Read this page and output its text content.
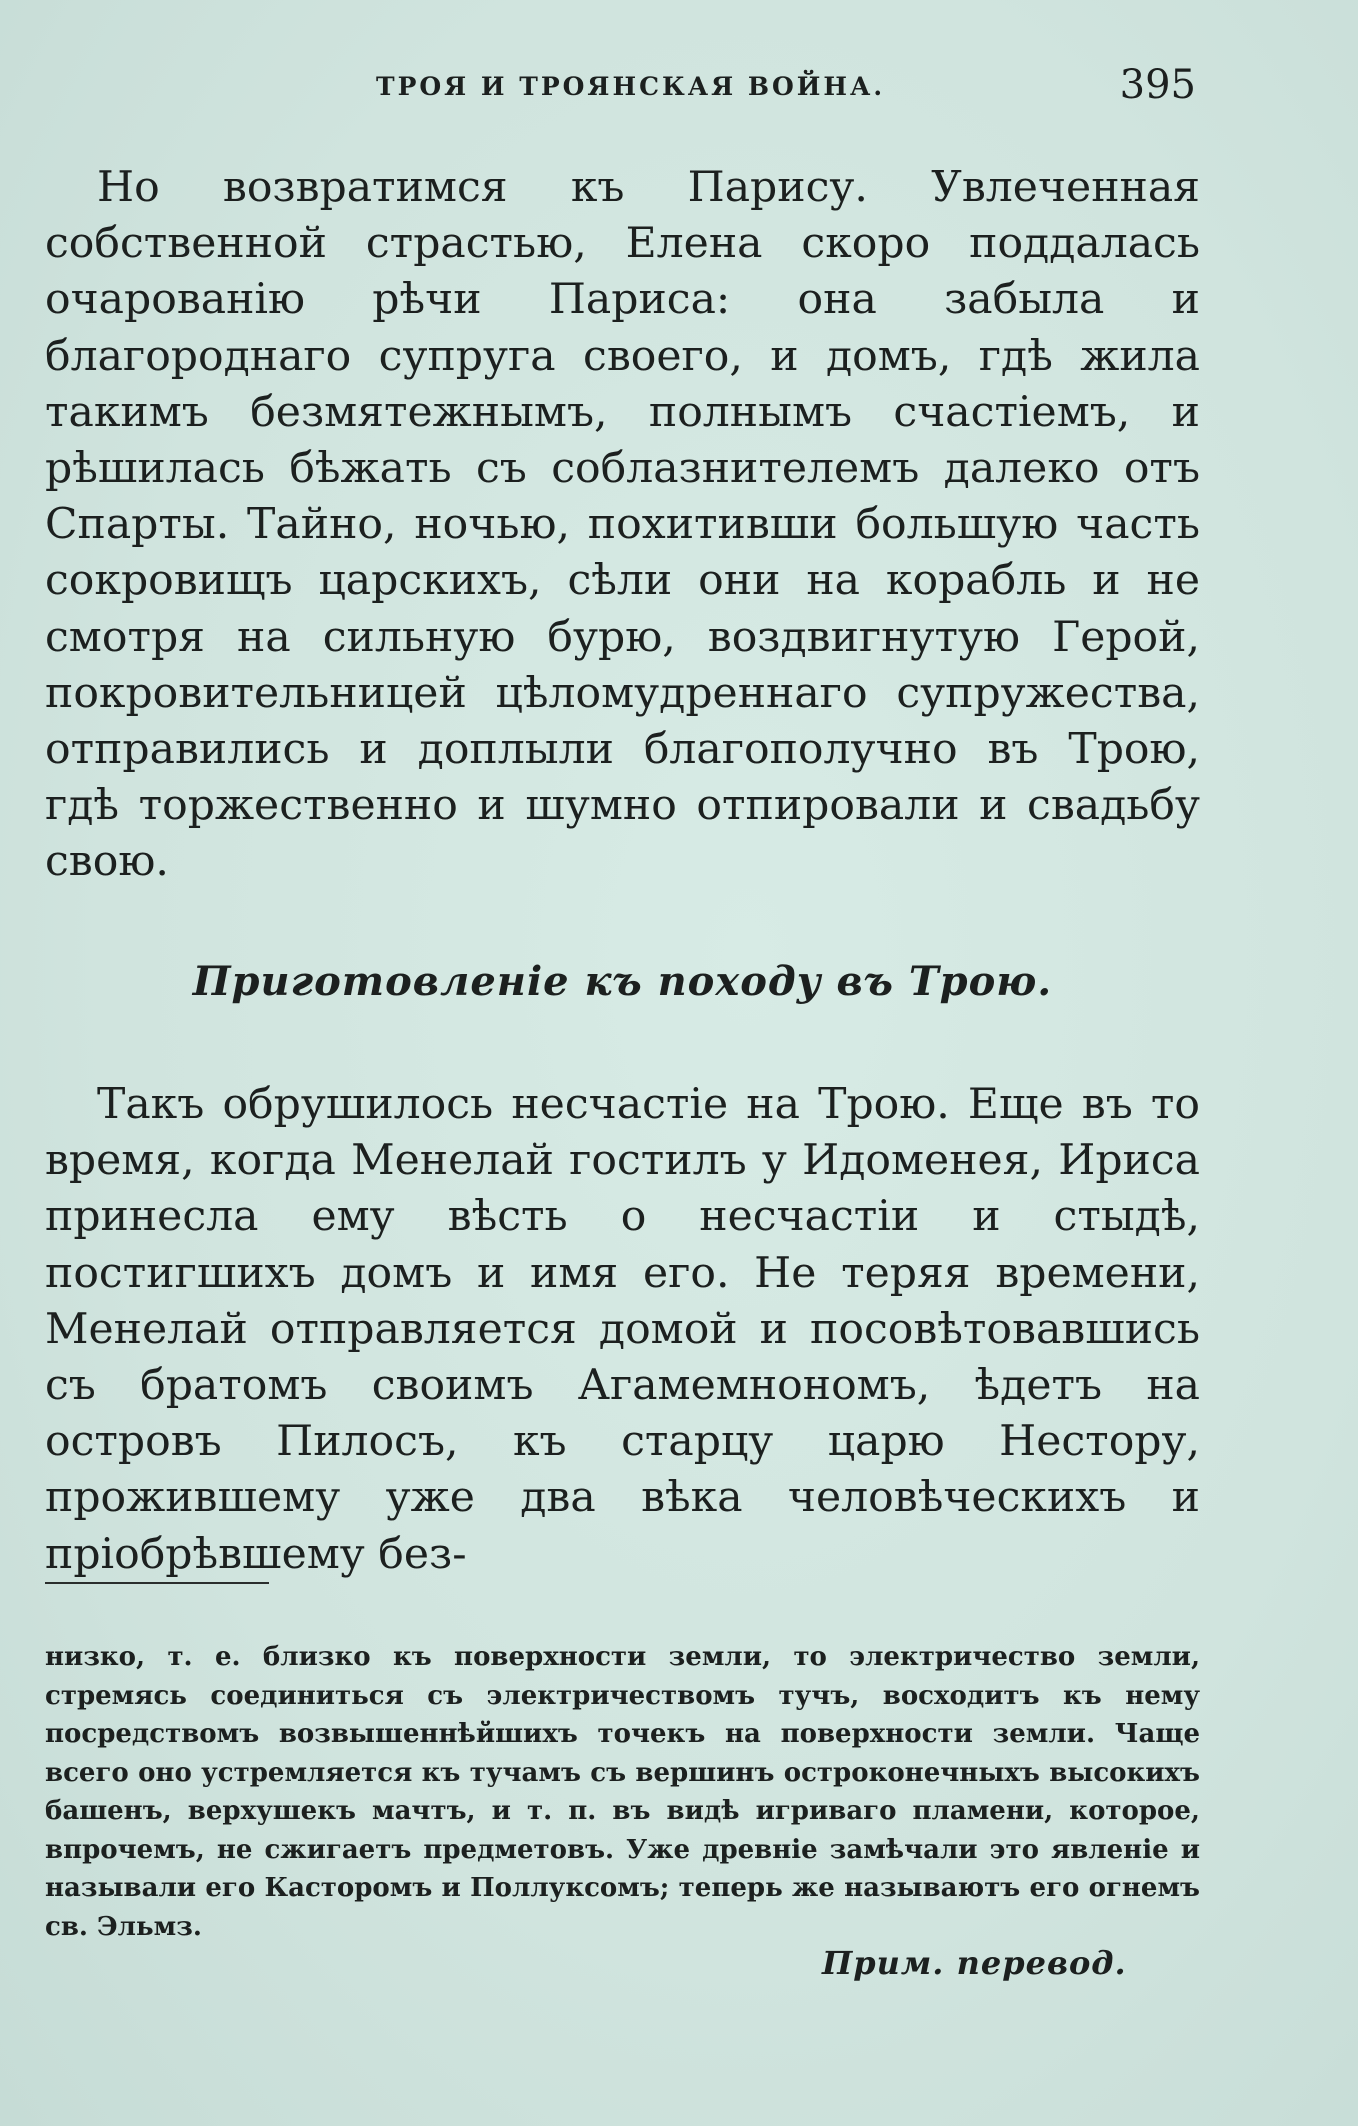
ТРОЯ И ТРОЯНСКАЯ ВОЙНА.	395

Но возвратимся къ Парису. Увлеченная собственной страстью, Елена скоро поддалась очарованію рѣчи Париса: она забыла и благороднаго супруга своего, и домъ, гдѣ жила такимъ безмятежнымъ, полнымъ счастіемъ, и рѣшилась бѣжать съ соблазнителемъ далеко отъ Спарты. Тайно, ночью, похитивши большую часть сокровищъ царскихъ, сѣли они на корабль и не смотря на сильную бурю, воздвигнутую Герой, покровительницей цѣломудреннаго супружества, отправились и доплыли благополучно въ Трою, гдѣ торжественно и шумно отпировали и свадьбу свою.

Приготовленіе къ походу въ Трою.

Такъ обрушилось несчастіе на Трою. Еще въ то время, когда Менелай гостилъ у Идоменея, Ириса принесла ему вѣсть о несчастіи и стыдѣ, постигшихъ домъ и имя его. Не теряя времени, Менелай отправляется домой и посовѣтовавшись съ братомъ своимъ Агамемнономъ, ѣдетъ на островъ Пилосъ, къ старцу царю Нестору, прожившему уже два вѣка человѣческихъ и пріобрѣвшему без-

низко, т. е. близко къ поверхности земли, то электричество земли, стремясь соединиться съ электричествомъ тучъ, восходитъ къ нему посредствомъ возвышеннѣйшихъ точекъ на поверхности земли. Чаще всего оно устремляется къ тучамъ съ вершинъ остроконечныхъ высокихъ башенъ, верхушекъ мачтъ, и т. п. въ видѣ игриваго пламени, которое, впрочемъ, не сжигаетъ предметовъ. Уже древніе замѣчали это явленіе и называли его Касторомъ и Поллуксомъ; теперь же называютъ его огнемъ св. Эльмз.

Прим. перевод.
